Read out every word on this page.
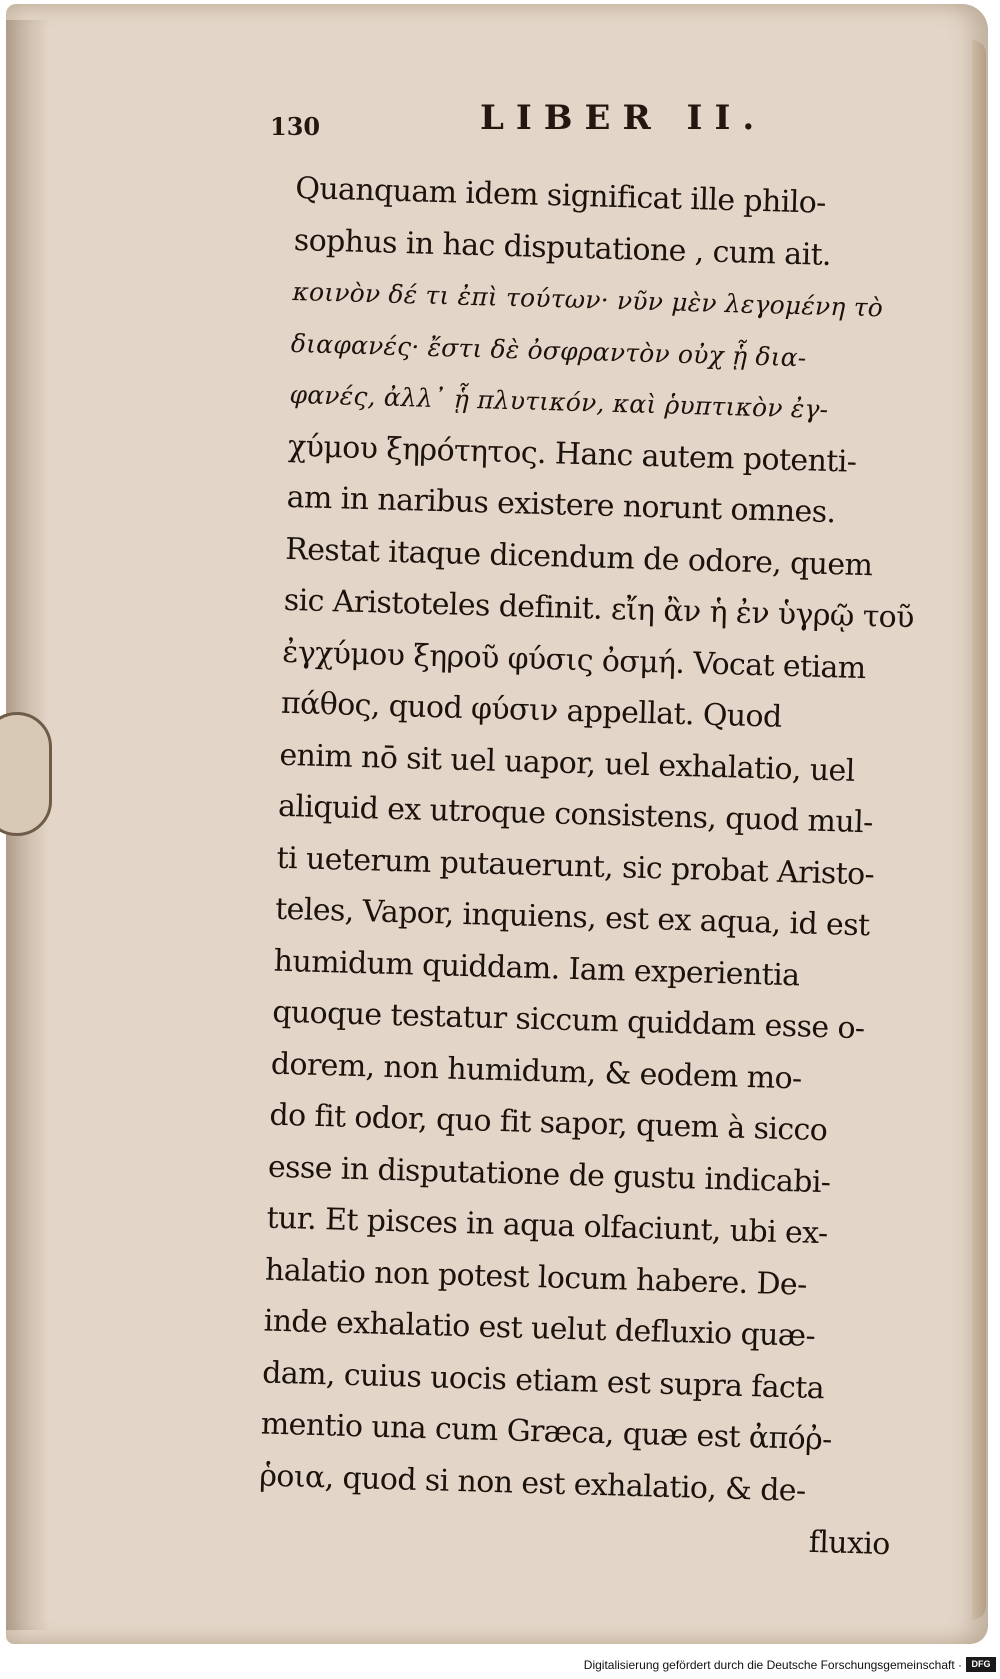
130	LIBER II.
Quanquam idem significat ille philo-
sophus in hac disputatione , cum ait.
κοινὸν δέ τι ἐπὶ τούτων· νῦν μὲν λεγομένη τὸ
διαφανές· ἔστι δὲ ὀσφραντὸν οὐχ ᾗ δια-
φανές, ἀλλ᾽ ᾗ πλυτικόν, καὶ ῥυπτικὸν ἐγ-
χύμου ξηρότητος. Hanc autem potenti-
am in naribus existere norunt omnes.
Restat itaque dicendum de odore, quem
sic Aristoteles definit. εἴη ἂν ἡ ἐν ὑγρῷ τοῦ
ἐγχύμου ξηροῦ φύσις ὀσμή. Vocat etiam
πάθος, quod φύσιν appellat. Quod
enim nō sit uel uapor, uel exhalatio, uel
aliquid ex utroque consistens, quod mul-
ti ueterum putauerunt, sic probat Aristo-
teles, Vapor, inquiens, est ex aqua, id est
humidum quiddam. Iam experientia
quoque testatur siccum quiddam esse o-
dorem, non humidum, & eodem mo-
do fit odor, quo fit sapor, quem à sicco
esse in disputatione de gustu indicabi-
tur. Et pisces in aqua olfaciunt, ubi ex-
halatio non potest locum habere. De-
inde exhalatio est uelut defluxio quæ-
dam, cuius uocis etiam est supra facta
mentio una cum Græca, quæ est ἀπόῤ-
ῥοια, quod si non est exhalatio, & de-
fluxio
Digitalisierung gefördert durch die Deutsche Forschungsgemeinschaft ·	DFG
